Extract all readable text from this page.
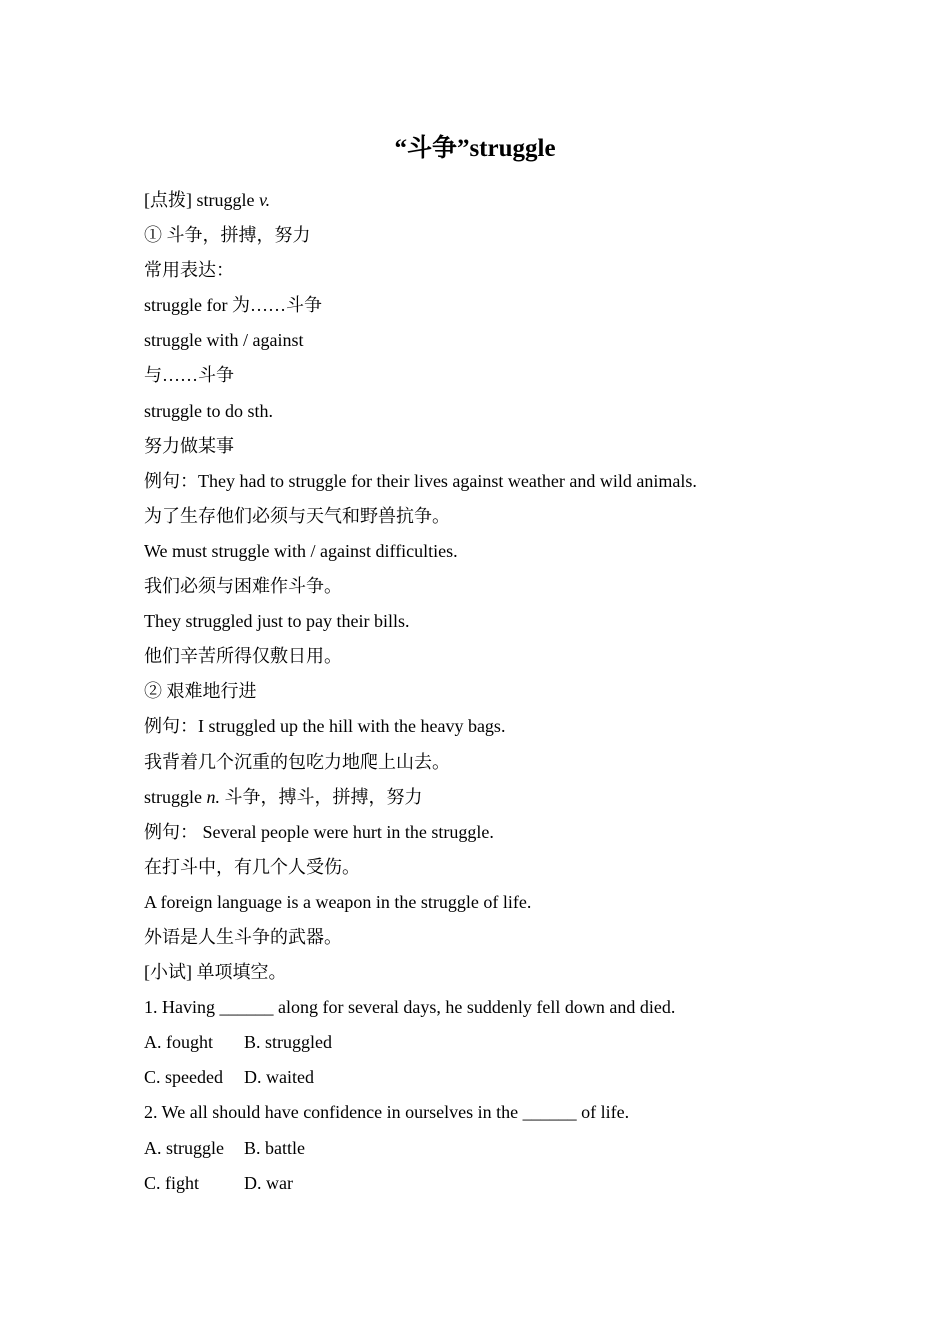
“斗争”struggle
[点拨] struggle v.
① 斗争，拼搏，努力
常用表达：
struggle for 为……斗争
struggle with / against
与……斗争
struggle to do sth.
努力做某事
例句：They had to struggle for their lives against weather and wild animals.
为了生存他们必须与天气和野兽抗争。
We must struggle with / against difficulties.
我们必须与困难作斗争。
They struggled just to pay their bills.
他们辛苦所得仅敷日用。
② 艰难地行进
例句：I struggled up the hill with the heavy bags.
我背着几个沉重的包吃力地爬上山去。
struggle n. 斗争，搏斗，拼搏，努力
例句： Several people were hurt in the struggle.
在打斗中，有几个人受伤。
A foreign language is a weapon in the struggle of life.
外语是人生斗争的武器。
[小试] 单项填空。
1. Having ______ along for several days, he suddenly fell down and died.
A. fought B. struggled
C. speeded D. waited
2. We all should have confidence in ourselves in the ______ of life.
A. struggle B. battle
C. fight D. war
